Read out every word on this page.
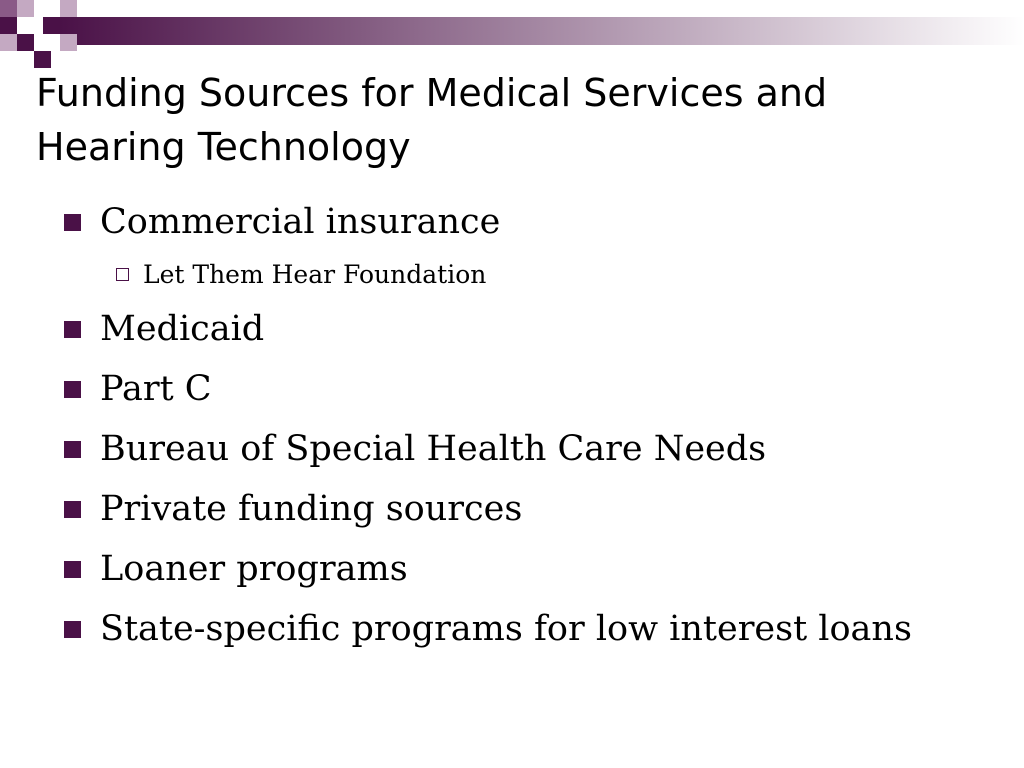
Funding Sources for Medical Services and
Hearing Technology
Commercial insurance
Let Them Hear Foundation
Medicaid
Part C
Bureau of Special Health Care Needs
Private funding sources
Loaner programs
State-specific programs for low interest loans
